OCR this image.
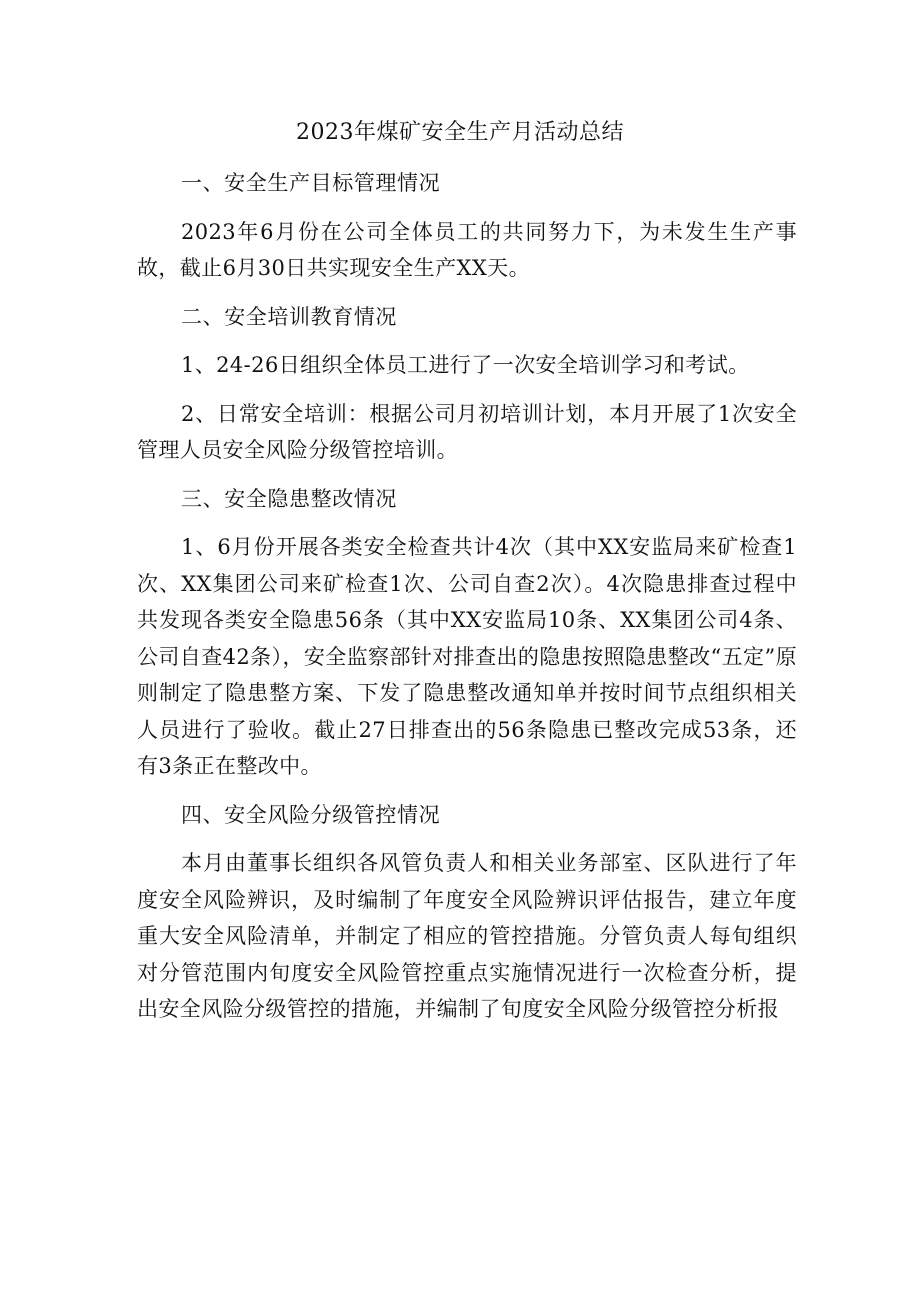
2023年煤矿安全生产月活动总结

一、安全生产目标管理情况

2023年6月份在公司全体员工的共同努力下，为未发生生产事故，截止6月30日共实现安全生产XX天。

二、安全培训教育情况

1、24-26日组织全体员工进行了一次安全培训学习和考试。

2、日常安全培训：根据公司月初培训计划，本月开展了1次安全管理人员安全风险分级管控培训。

三、安全隐患整改情况

1、6月份开展各类安全检查共计4次（其中XX安监局来矿检查1次、XX集团公司来矿检查1次、公司自查2次）。4次隐患排查过程中共发现各类安全隐患56条（其中XX安监局10条、XX集团公司4条、公司自查42条），安全监察部针对排查出的隐患按照隐患整改“五定”原则制定了隐患整方案、下发了隐患整改通知单并按时间节点组织相关人员进行了验收。截止27日排查出的56条隐患已整改完成53条，还有3条正在整改中。

四、安全风险分级管控情况

本月由董事长组织各风管负责人和相关业务部室、区队进行了年度安全风险辨识，及时编制了年度安全风险辨识评估报告，建立年度重大安全风险清单，并制定了相应的管控措施。分管负责人每旬组织对分管范围内旬度安全风险管控重点实施情况进行一次检查分析，提出安全风险分级管控的措施，并编制了旬度安全风险分级管控分析报
